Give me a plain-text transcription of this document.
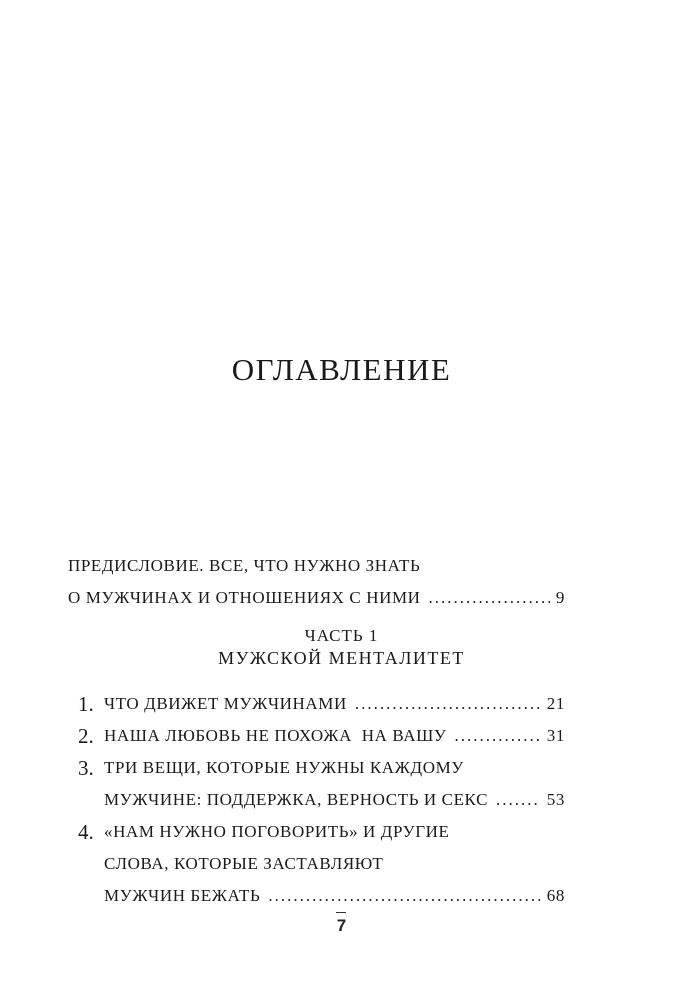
ОГЛАВЛЕНИЕ
ПРЕДИСЛОВИЕ. ВСЕ, ЧТО НУЖНО ЗНАТЬ
О МУЖЧИНАХ И ОТНОШЕНИЯХ С НИМИ .....	9
ЧАСТЬ 1
МУЖСКОЙ МЕНТАЛИТЕТ
1. ЧТО ДВИЖЕТ МУЖЧИНАМИ .....	21
2. НАША ЛЮБОВЬ НЕ ПОХОЖА  НА ВАШУ .....	31
3. ТРИ ВЕЩИ, КОТОРЫЕ НУЖНЫ КАЖДОМУ
МУЖЧИНЕ: ПОДДЕРЖКА, ВЕРНОСТЬ И СЕКС .....	53
4. «НАМ НУЖНО ПОГОВОРИТЬ» И ДРУГИЕ
СЛОВА, КОТОРЫЕ ЗАСТАВЛЯЮТ
МУЖЧИН БЕЖАТЬ .....	68
7
